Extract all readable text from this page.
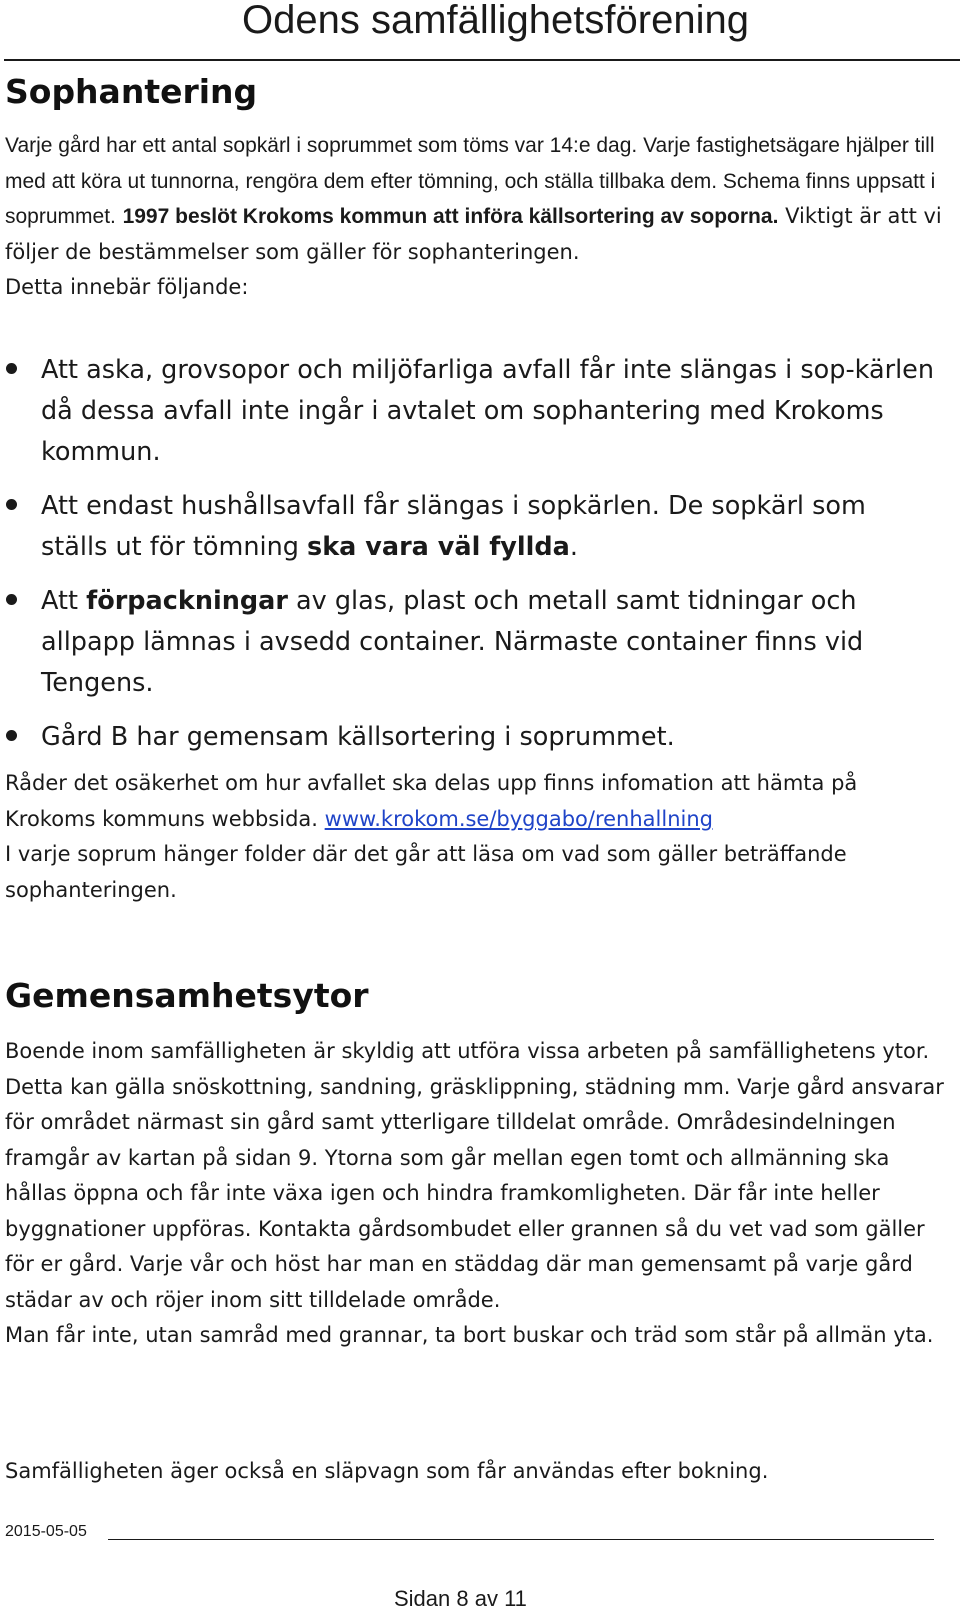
Odens samfällighetsförening
Sophantering

Varje gård har ett antal sopkärl i soprummet som töms var 14:e dag. Varje fastighetsägare hjälper till med att köra ut tunnorna, rengöra dem efter tömning, och ställa tillbaka dem. Schema finns uppsatt i soprummet. 1997 beslöt Krokoms kommun att införa källsortering av soporna. Viktigt är att vi följer de bestämmelser som gäller för sophanteringen.
Detta innebär följande:

Att aska, grovsopor och miljöfarliga avfall får inte slängas i sop-kärlen då dessa avfall inte ingår i avtalet om sophantering med Krokoms kommun.
Att endast hushållsavfall får slängas i sopkärlen. De sopkärl som ställs ut för tömning ska vara väl fyllda.
Att förpackningar av glas, plast och metall samt tidningar och allpapp lämnas i avsedd container. Närmaste container finns vid Tengens.
Gård B har gemensam källsortering i soprummet.

Råder det osäkerhet om hur avfallet ska delas upp finns infomation att hämta på Krokoms kommuns webbsida. www.krokom.se/byggabo/renhallning
I varje soprum hänger folder där det går att läsa om vad som gäller beträffande sophanteringen.

Gemensamhetsytor

Boende inom samfälligheten är skyldig att utföra vissa arbeten på samfällighetens ytor. Detta kan gälla snöskottning, sandning, gräsklippning, städning mm. Varje gård ansvarar för området närmast sin gård samt ytterligare tilldelat område. Områdesindelningen framgår av kartan på sidan 9. Ytorna som går mellan egen tomt och allmänning ska hållas öppna och får inte växa igen och hindra framkomligheten. Där får inte heller byggnationer uppföras. Kontakta gårdsombudet eller grannen så du vet vad som gäller för er gård. Varje vår och höst har man en städdag där man gemensamt på varje gård städar av och röjer inom sitt tilldelade område.
Man får inte, utan samråd med grannar, ta bort buskar och träd som står på allmän yta.

Samfälligheten äger också en släpvagn som får användas efter bokning.

2015-05-05
Sidan 8 av 11
